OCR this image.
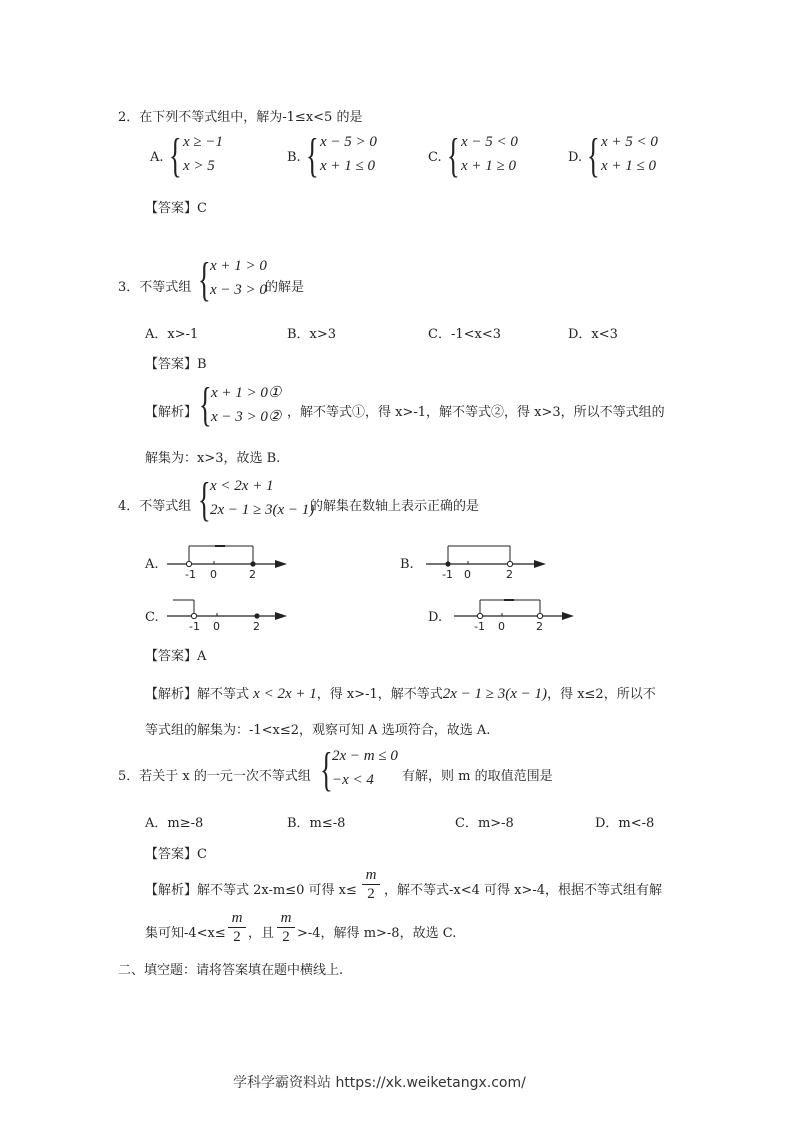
2．在下列不等式组中，解为-1≤x<5 的是
A. { x ≥ −1
x > 5
B. { x − 5 > 0
x + 1 ≤ 0
C. { x − 5 < 0
x + 1 ≥ 0
D. { x + 5 < 0
x + 1 ≤ 0
【答案】C
3．不等式组 { x + 1 > 0
x − 3 > 0
的解是
A．x>-1	B．x>3	C．-1<x<3	D．x<3
【答案】B
【解析】 { x + 1 > 0①
x − 3 > 0② ，解不等式①，得 x>-1，解不等式②，得 x>3，所以不等式组的
解集为：x>3，故选 B.
4．不等式组 { x < 2x + 1
2x − 1 ≥ 3(x − 1)
的解集在数轴上表示正确的是
A.
-1 0	2
B.
-1 0	2
C.
-1 0	2
D.
-1 0	2
【答案】A
【解析】解不等式 x < 2x + 1，得 x>-1，解不等式2x − 1 ≥ 3(x − 1)，得 x≤2，所以不
等式组的解集为：-1<x≤2，观察可知 A 选项符合，故选 A.
5．若关于 x 的一元一次不等式组 { 2x − m ≤ 0
−x < 4 有解，则 m 的取值范围是
A．m≥-8	B．m≤-8	C．m>-8	D．m<-8
【答案】C
【解析】解不等式 2x-m≤0 可得 x≤
m
2 ，解不等式-x<4 可得 x>-4，根据不等式组有解
集可知-4<x≤
m
2 ，且
m
2 >-4，解得 m>-8，故选 C.
二、填空题：请将答案填在题中横线上.
学科学霸资料站 https://xk.weiketangx.com/
